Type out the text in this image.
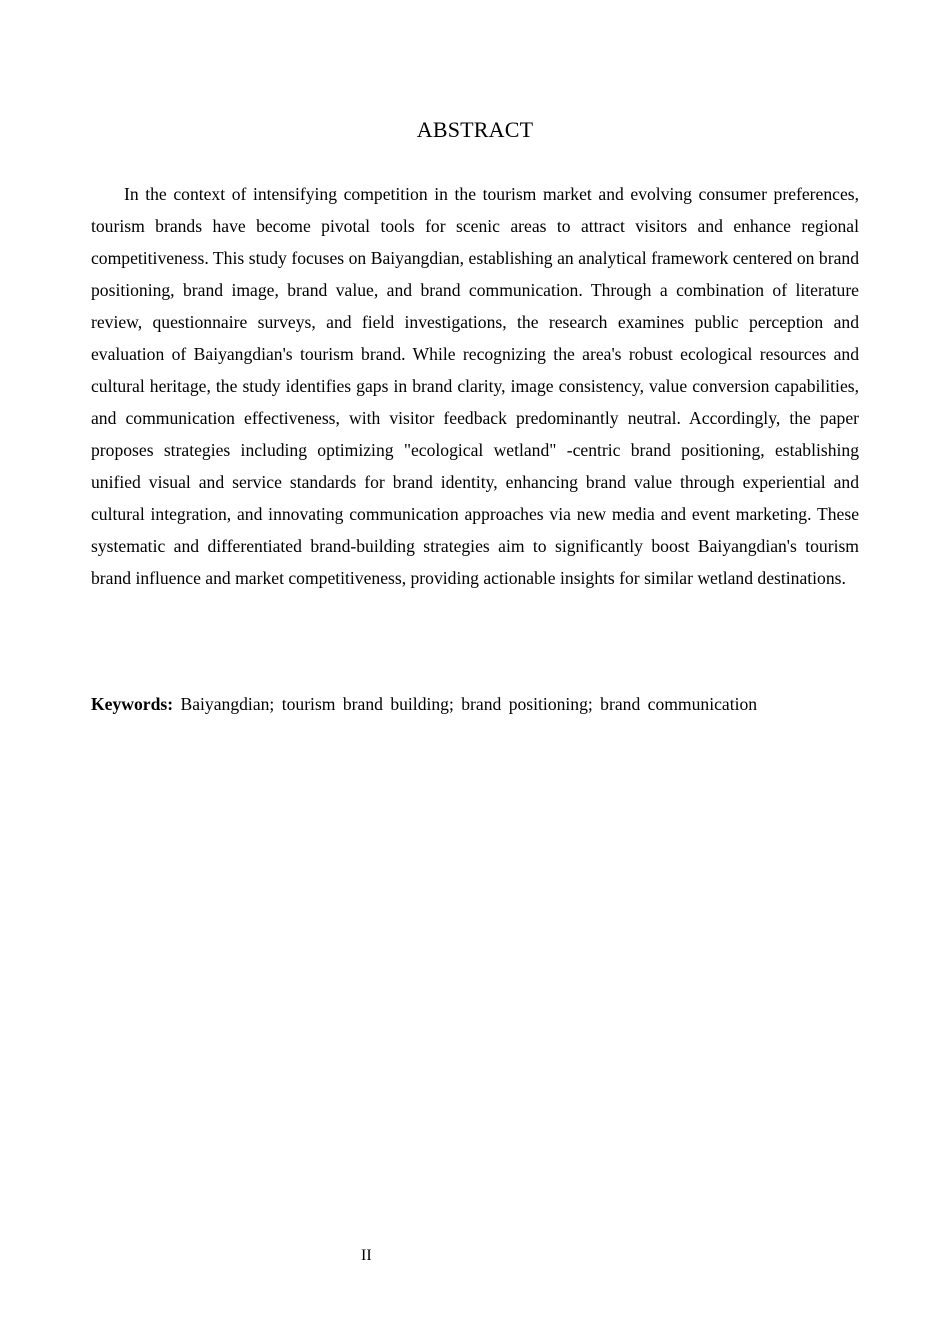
ABSTRACT

In the context of intensifying competition in the tourism market and evolving consumer preferences, tourism brands have become pivotal tools for scenic areas to attract visitors and enhance regional competitiveness. This study focuses on Baiyangdian, establishing an analytical framework centered on brand positioning, brand image, brand value, and brand communication. Through a combination of literature review, questionnaire surveys, and field investigations, the research examines public perception and evaluation of Baiyangdian's tourism brand. While recognizing the area's robust ecological resources and cultural heritage, the study identifies gaps in brand clarity, image consistency, value conversion capabilities, and communication effectiveness, with visitor feedback predominantly neutral. Accordingly, the paper proposes strategies including optimizing "ecological wetland" -centric brand positioning, establishing unified visual and service standards for brand identity, enhancing brand value through experiential and cultural integration, and innovating communication approaches via new media and event marketing. These systematic and differentiated brand-building strategies aim to significantly boost Baiyangdian's tourism brand influence and market competitiveness, providing actionable insights for similar wetland destinations.

Keywords: Baiyangdian; tourism brand building; brand positioning; brand communication

II
